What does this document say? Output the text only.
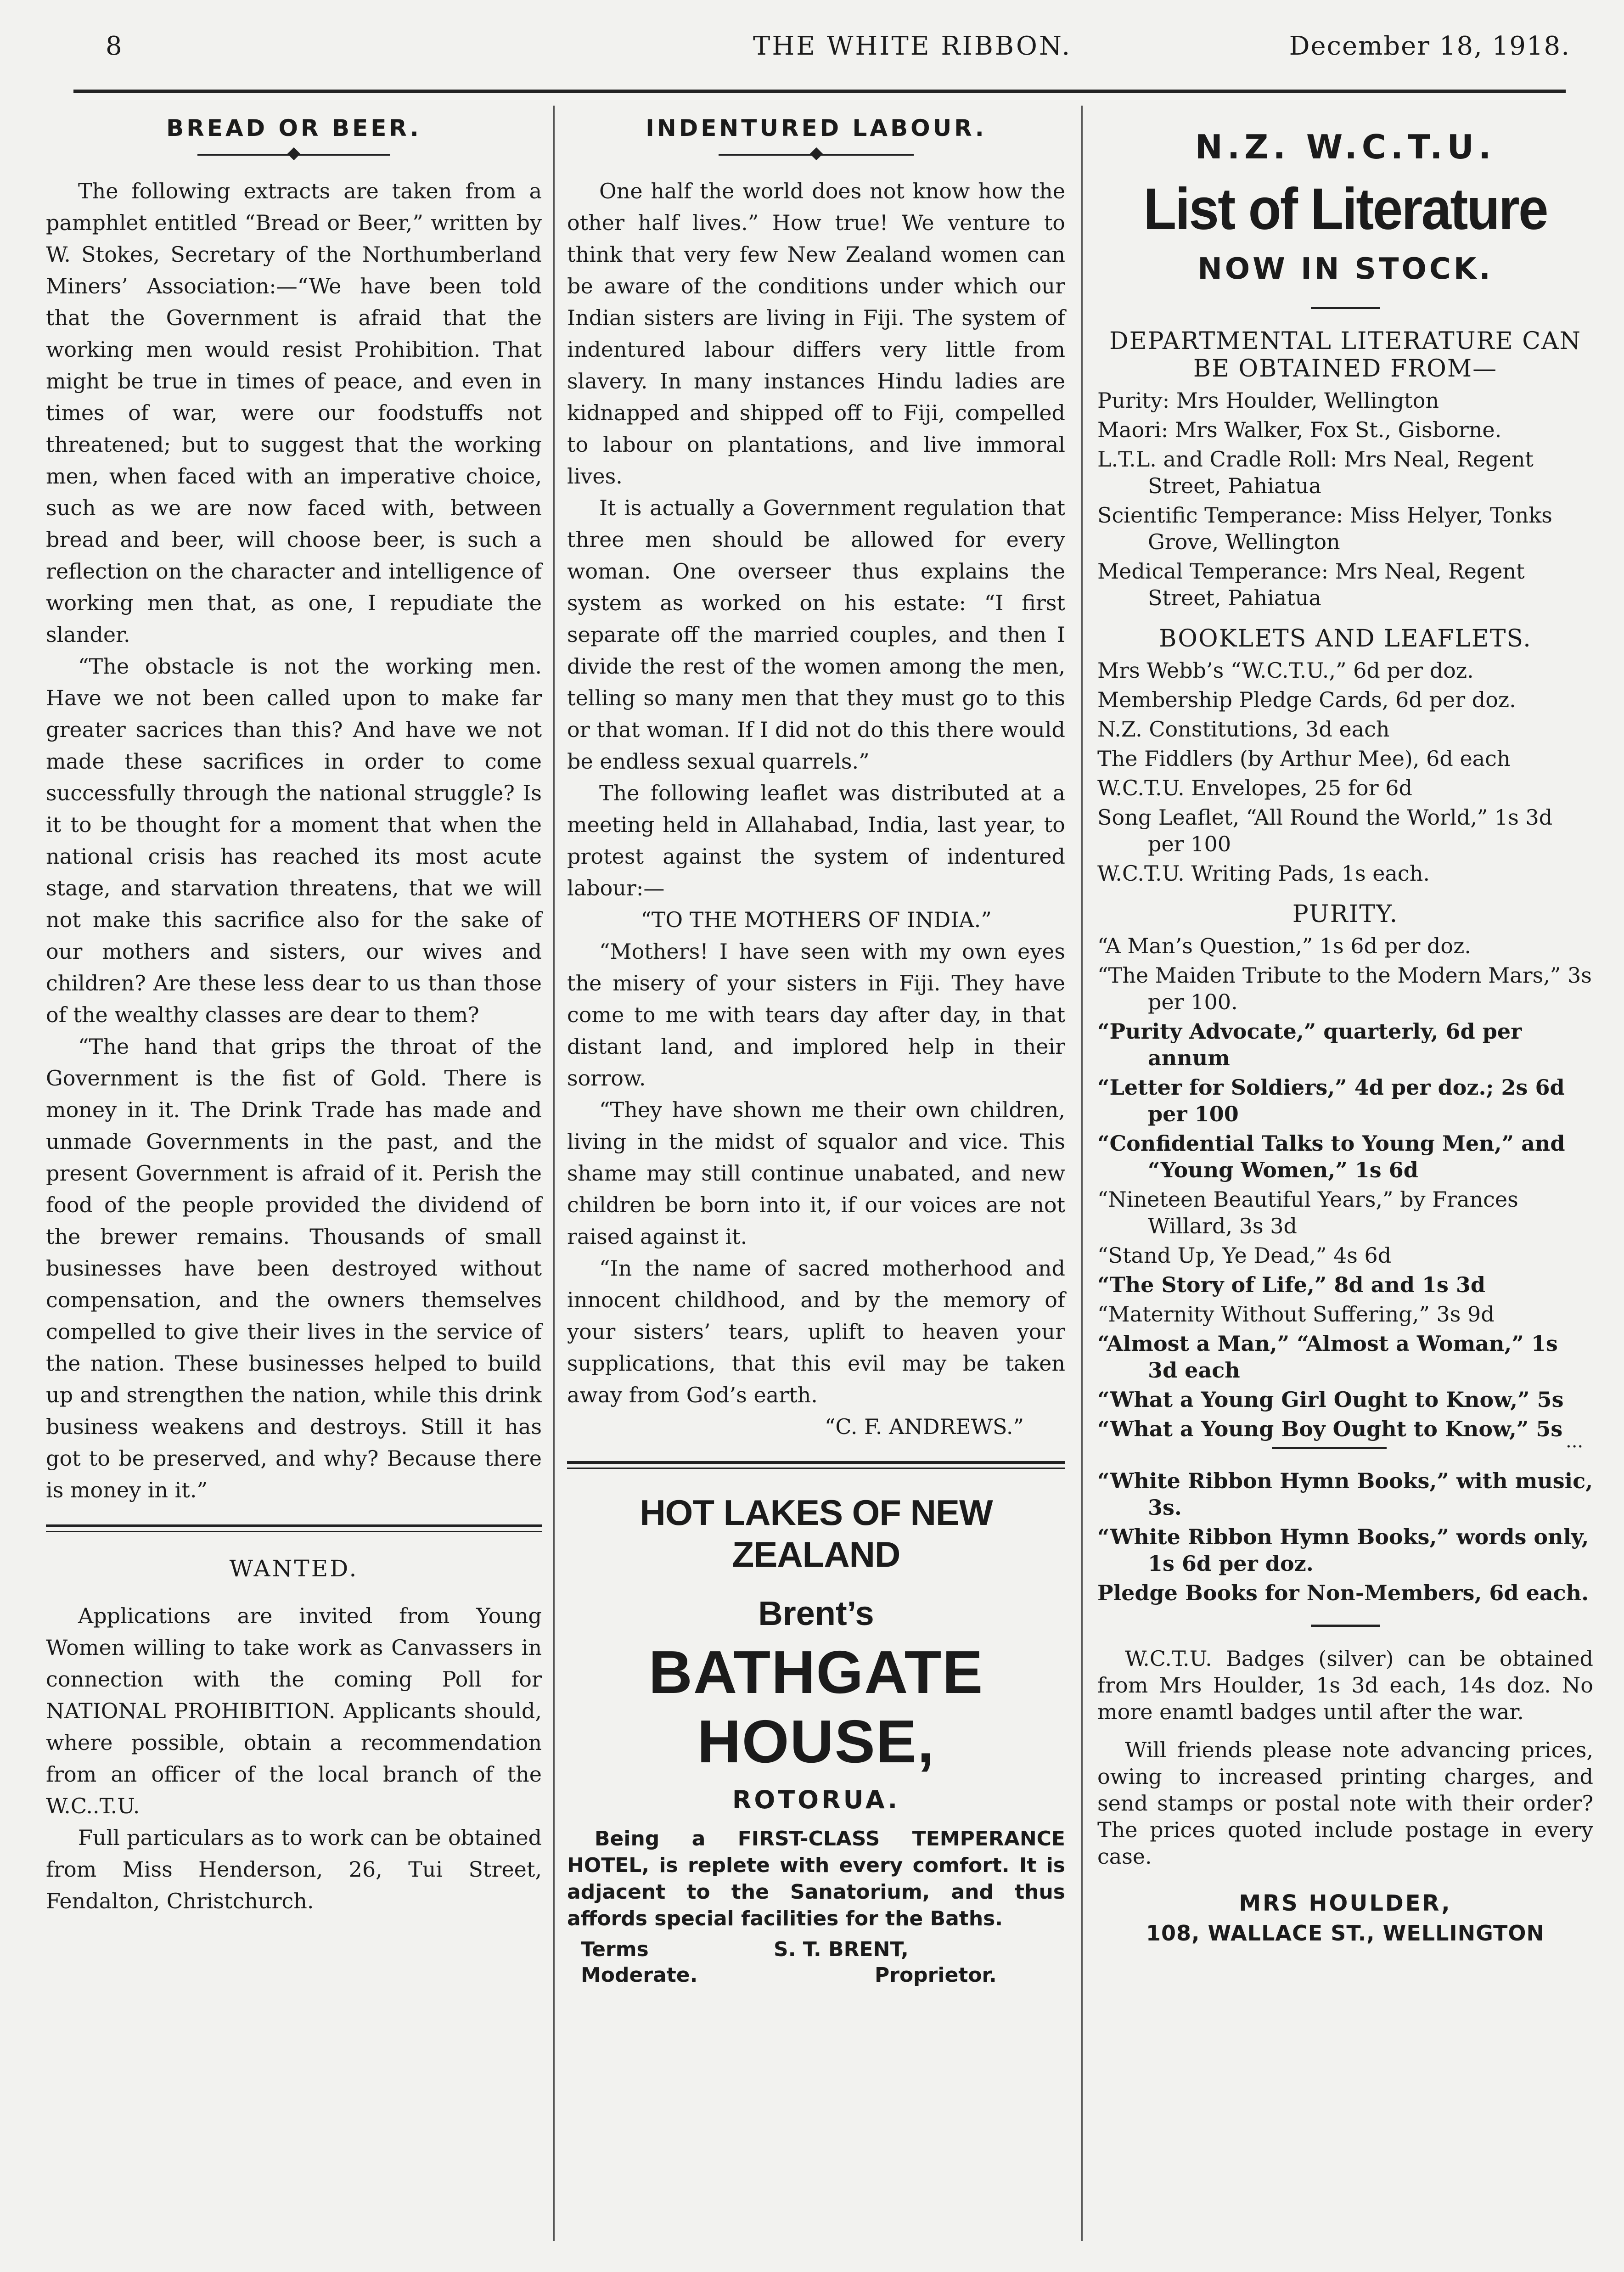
8	THE WHITE RIBBON.	December 18, 1918.
BREAD OR BEER.

The following extracts are taken from a pamphlet entitled “Bread or Beer,” written by W. Stokes, Secretary of the Northumberland Miners’ Association:—“We have been told that the Government is afraid that the working men would resist Prohibition. That might be true in times of peace, and even in times of war, were our foodstuffs not threatened; but to suggest that the working men, when faced with an imperative choice, such as we are now faced with, between bread and beer, will choose beer, is such a reflection on the character and intelligence of working men that, as one, I repudiate the slander.

“The obstacle is not the working men. Have we not been called upon to make far greater sacrices than this? And have we not made these sacrifices in order to come successfully through the national struggle? Is it to be thought for a moment that when the national crisis has reached its most acute stage, and starvation threatens, that we will not make this sacrifice also for the sake of our mothers and sisters, our wives and children? Are these less dear to us than those of the wealthy classes are dear to them?

“The hand that grips the throat of the Government is the fist of Gold. There is money in it. The Drink Trade has made and unmade Governments in the past, and the present Government is afraid of it. Perish the food of the people provided the dividend of the brewer remains. Thousands of small businesses have been destroyed without compensation, and the owners themselves compelled to give their lives in the service of the nation. These businesses helped to build up and strengthen the nation, while this drink business weakens and destroys. Still it has got to be preserved, and why? Because there is money in it.”

WANTED.

Applications are invited from Young Women willing to take work as Canvassers in connection with the coming Poll for NATIONAL PROHIBITION. Applicants should, where possible, obtain a recommendation from an officer of the local branch of the W.C..T.U.

Full particulars as to work can be obtained from Miss Henderson, 26, Tui Street, Fendalton, Christchurch.

INDENTURED LABOUR.

One half the world does not know how the other half lives.” How true! We venture to think that very few New Zealand women can be aware of the conditions under which our Indian sisters are living in Fiji. The system of indentured labour differs very little from slavery. In many instances Hindu ladies are kidnapped and shipped off to Fiji, compelled to labour on plantations, and live immoral lives.

It is actually a Government regulation that three men should be allowed for every woman. One overseer thus explains the system as worked on his estate: “I first separate off the married couples, and then I divide the rest of the women among the men, telling so many men that they must go to this or that woman. If I did not do this there would be endless sexual quarrels.”

The following leaflet was distributed at a meeting held in Allahabad, India, last year, to protest against the system of indentured labour:—

“TO THE MOTHERS OF INDIA.”

“Mothers! I have seen with my own eyes the misery of your sisters in Fiji. They have come to me with tears day after day, in that distant land, and implored help in their sorrow.

“They have shown me their own children, living in the midst of squalor and vice. This shame may still continue unabated, and new children be born into it, if our voices are not raised against it.

“In the name of sacred motherhood and innocent childhood, and by the memory of your sisters’ tears, uplift to heaven your supplications, that this evil may be taken away from God’s earth.

“C. F. ANDREWS.”

HOT LAKES OF NEW ZEALAND
Brent’s
BATHGATE HOUSE,
ROTORUA.

Being a FIRST-CLASS TEMPERANCE HOTEL, is replete with every comfort. It is adjacent to the Sanatorium, and thus affords special facilities for the Baths.

Terms
Moderate.
S. T. BRENT,
Proprietor.
N.Z. W.C.T.U.
List of Literature
NOW IN STOCK.
DEPARTMENTAL LITERATURE CAN BE OBTAINED FROM—

Purity: Mrs Houlder, Wellington

Maori: Mrs Walker, Fox St., Gisborne.

L.T.L. and Cradle Roll: Mrs Neal, Regent Street, Pahiatua

Scientific Temperance: Miss Helyer, Tonks Grove, Wellington

Medical Temperance: Mrs Neal, Regent Street, Pahiatua

BOOKLETS AND LEAFLETS.

Mrs Webb’s “W.C.T.U.,” 6d per doz.

Membership Pledge Cards, 6d per doz.

N.Z. Constitutions, 3d each

The Fiddlers (by Arthur Mee), 6d each

W.C.T.U. Envelopes, 25 for 6d

Song Leaflet, “All Round the World,” 1s 3d per 100

W.C.T.U. Writing Pads, 1s each.

PURITY.

“A Man’s Question,” 1s 6d per doz.

“The Maiden Tribute to the Modern Mars,” 3s per 100.

“Purity Advocate,” quarterly, 6d per annum

“Letter for Soldiers,” 4d per doz.; 2s 6d per 100

“Confidential Talks to Young Men,” and “Young Women,” 1s 6d

“Nineteen Beautiful Years,” by Frances Willard, 3s 3d

“Stand Up, Ye Dead,” 4s 6d

“The Story of Life,” 8d and 1s 3d

“Maternity Without Suffering,” 3s 9d

“Almost a Man,” “Almost a Woman,” 1s 3d each

“What a Young Girl Ought to Know,” 5s

“What a Young Boy Ought to Know,” 5s ...

“White Ribbon Hymn Books,” with music, 3s.

“White Ribbon Hymn Books,” words only, 1s 6d per doz.

Pledge Books for Non-Members, 6d each.

W.C.T.U. Badges (silver) can be obtained from Mrs Houlder, 1s 3d each, 14s doz. No more enamtl badges until after the war.

Will friends please note advancing prices, owing to increased printing charges, and send stamps or postal note with their order? The prices quoted include postage in every case.

MRS HOULDER,
108, WALLACE ST., WELLINGTON
